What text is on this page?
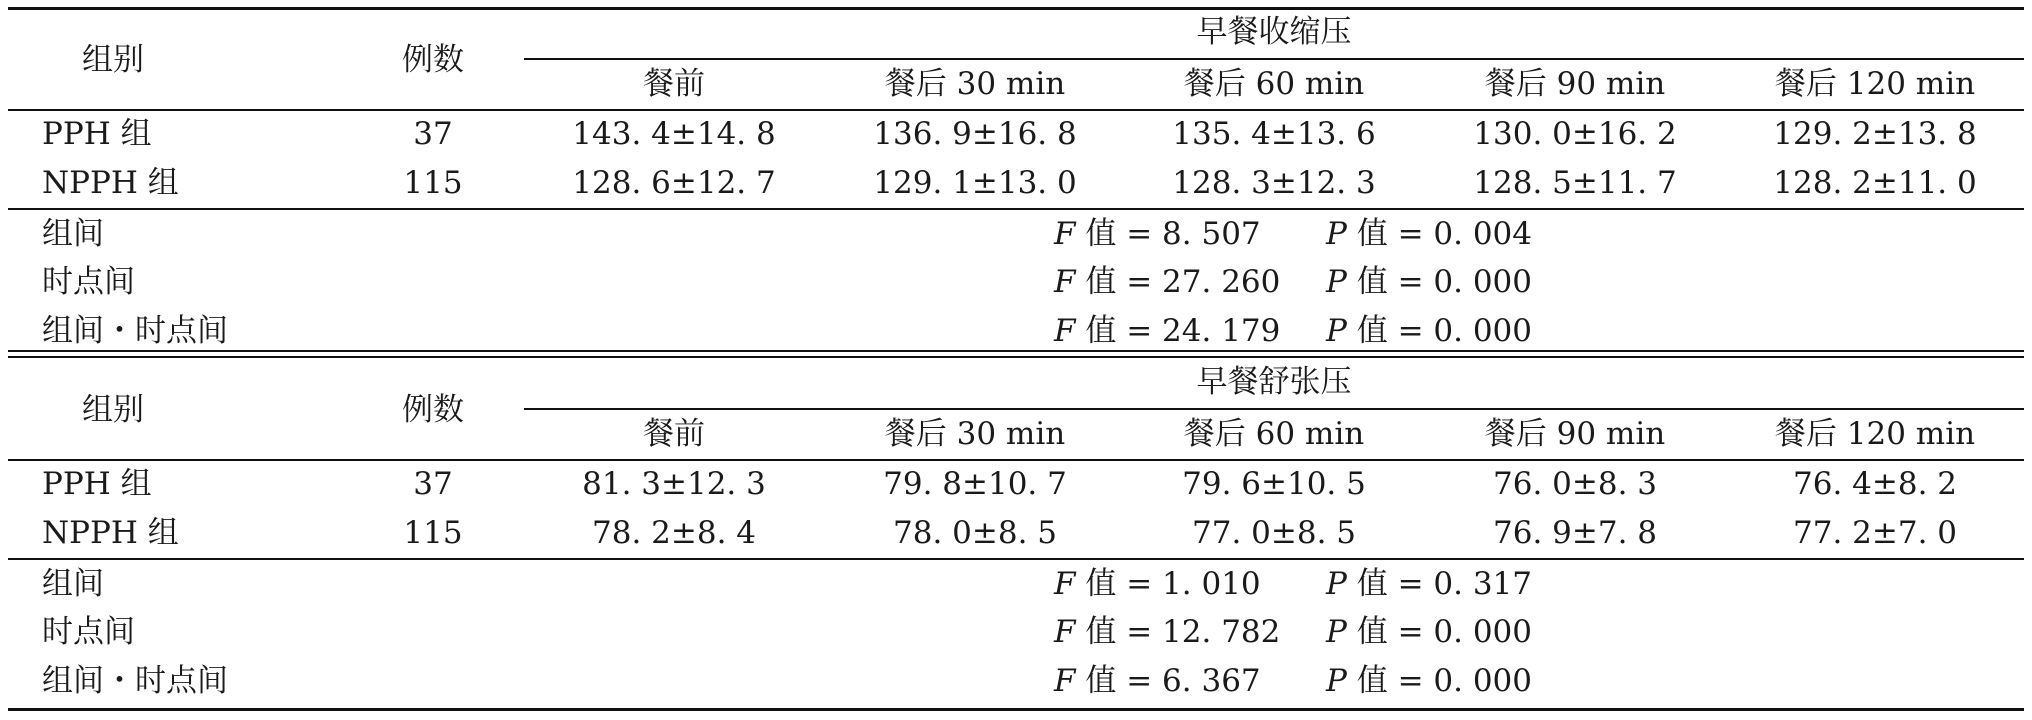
组别	例数
早餐收缩压
餐前	餐后 30 min	餐后 60 min	餐后 90 min	餐后 120 min
PPH 组	37	143. 4±14. 8	136. 9±16. 8	135. 4±13. 6	130. 0±16. 2	129. 2±13. 8
NPPH 组	115	128. 6±12. 7	129. 1±13. 0	128. 3±12. 3	128. 5±11. 7	128. 2±11. 0
组间	F 值 = 8. 507 P 值 = 0. 004
时点间	F 值 = 27. 260 P 值 = 0. 000
组间・时点间	F 值 = 24. 179 P 值 = 0. 000
组别	例数
早餐舒张压
餐前	餐后 30 min	餐后 60 min	餐后 90 min	餐后 120 min
PPH 组	37	81. 3±12. 3	79. 8±10. 7	79. 6±10. 5	76. 0±8. 3	76. 4±8. 2
NPPH 组	115	78. 2±8. 4	78. 0±8. 5	77. 0±8. 5	76. 9±7. 8	77. 2±7. 0
组间	F 值 = 1. 010 P 值 = 0. 317
时点间	F 值 = 12. 782 P 值 = 0. 000
组间・时点间	F 值 = 6. 367 P 值 = 0. 000
